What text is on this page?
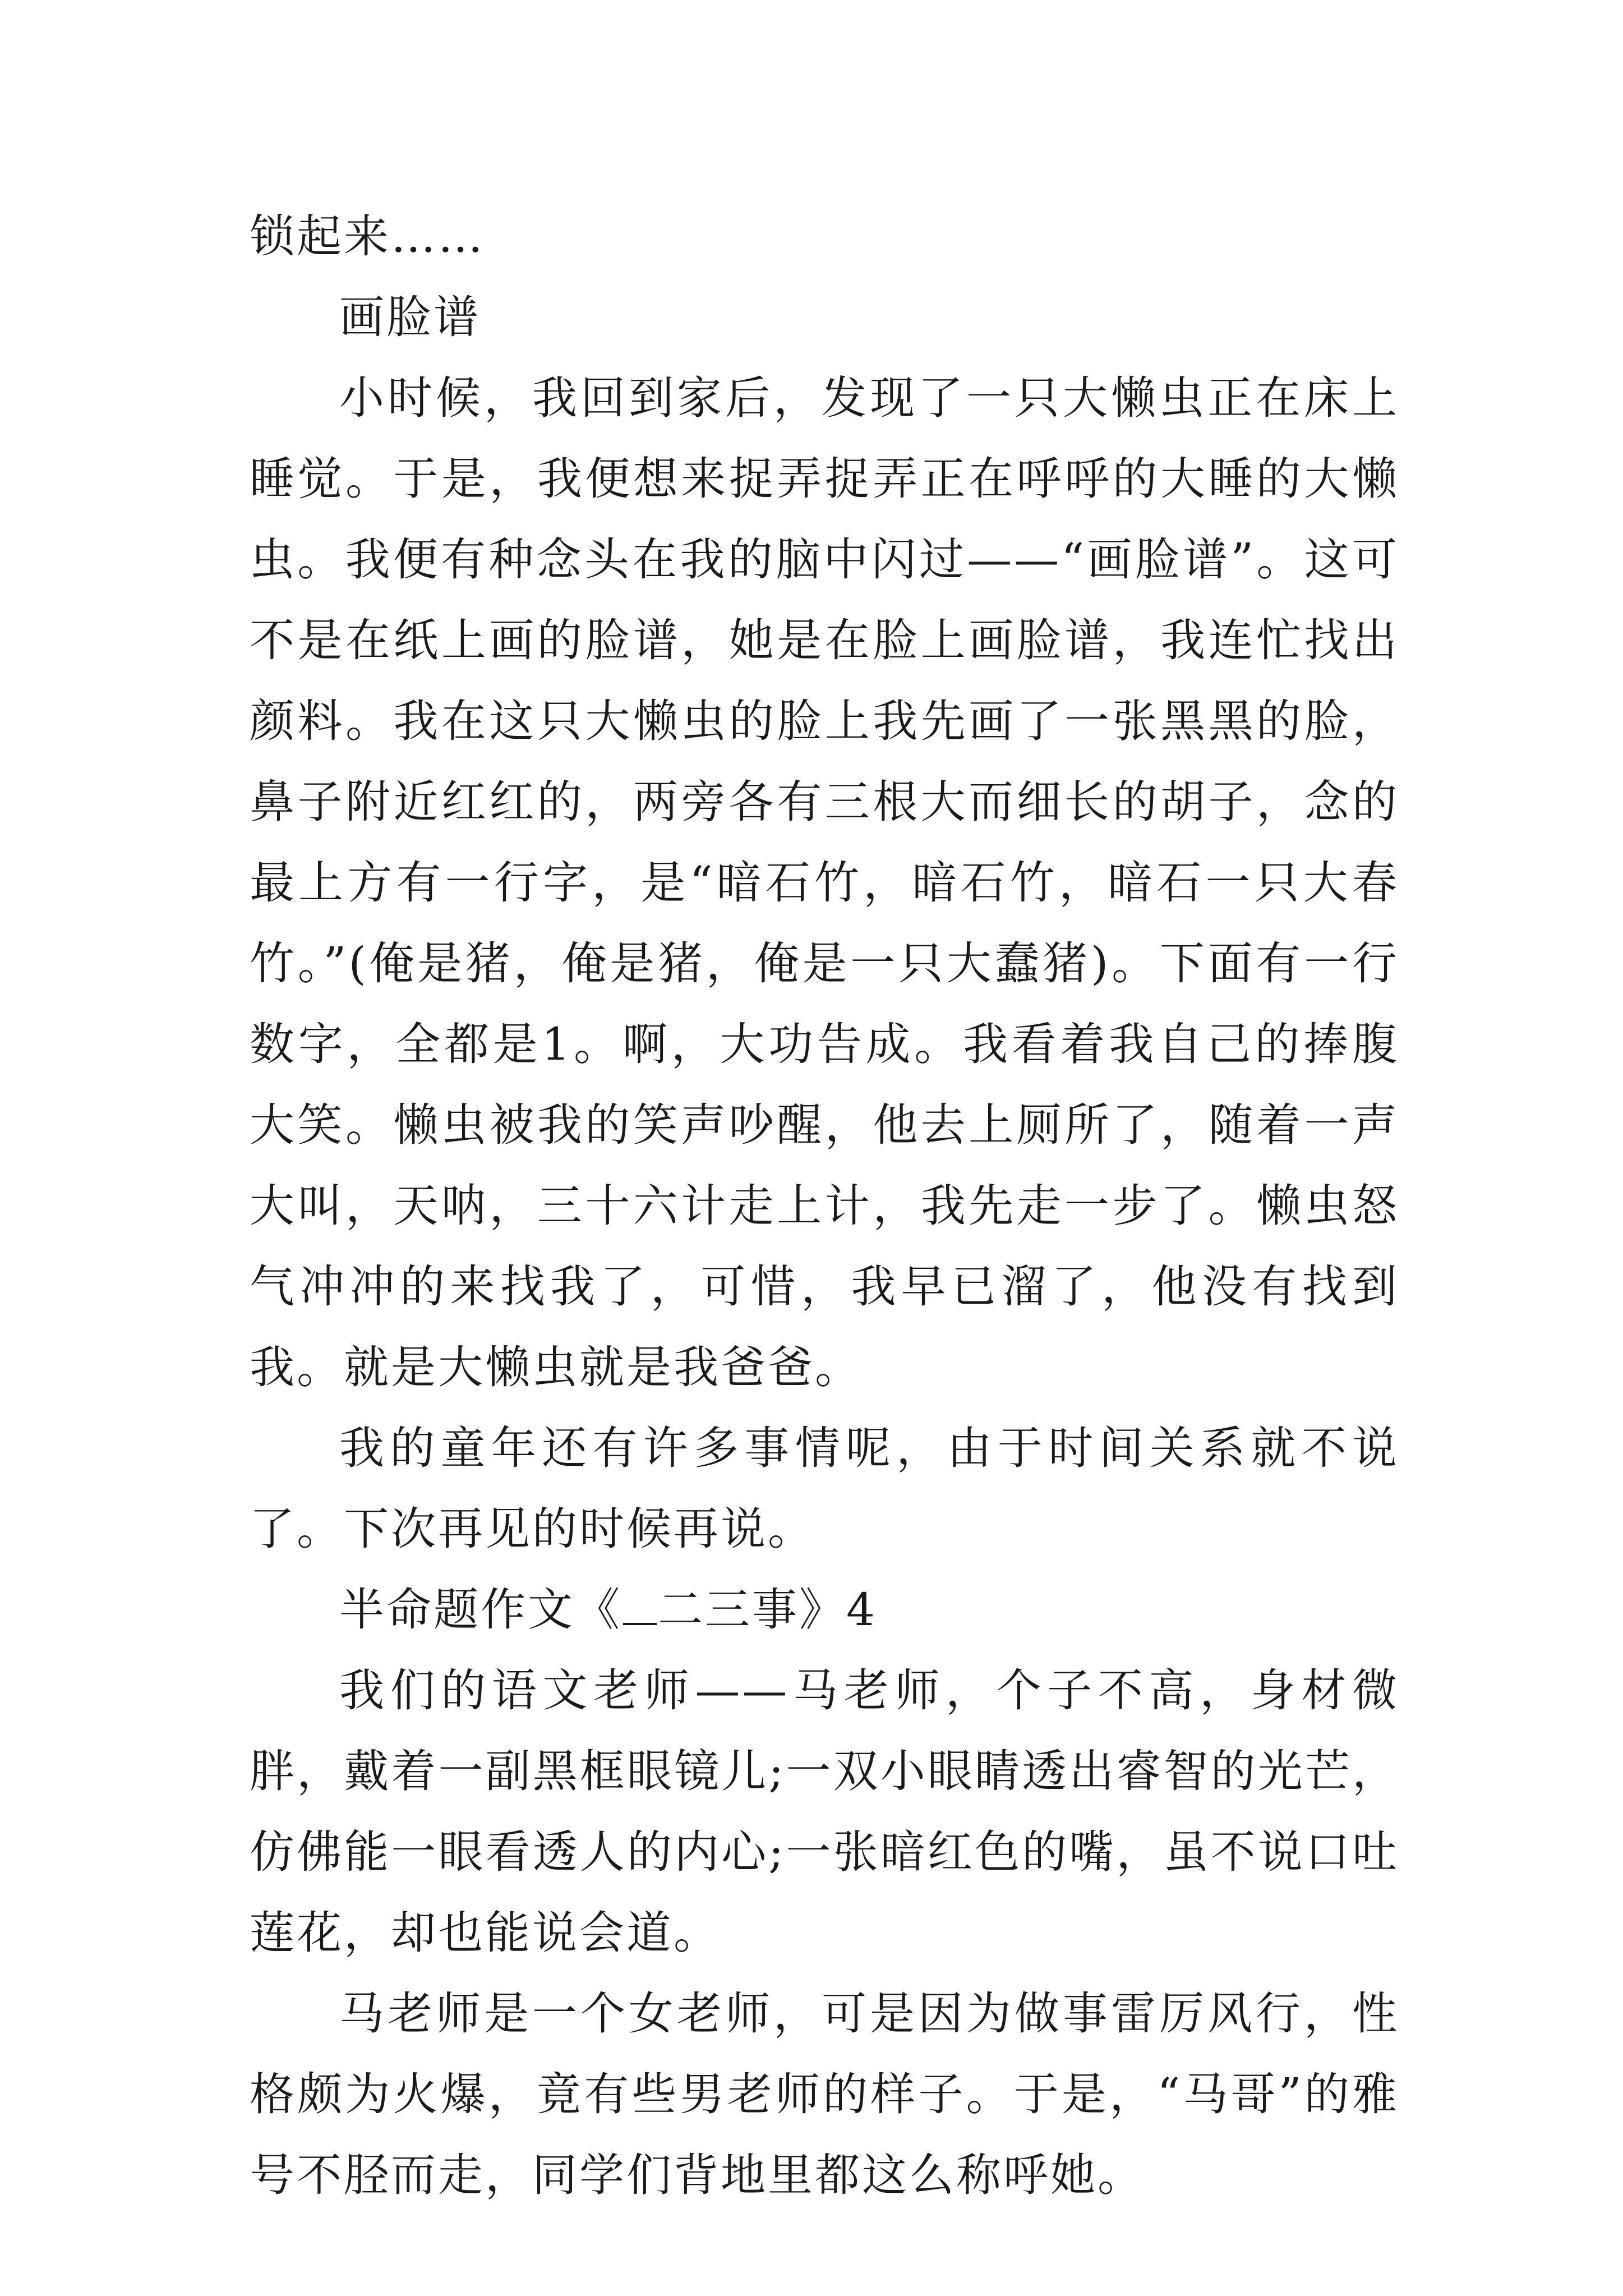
锁起来……

画脸谱

小时候，我回到家后，发现了一只大懒虫正在床上睡觉。于是，我便想来捉弄捉弄正在呼呼的大睡的大懒虫。我便有种念头在我的脑中闪过——“画脸谱”。这可不是在纸上画的脸谱，她是在脸上画脸谱，我连忙找出颜料。我在这只大懒虫的脸上我先画了一张黑黑的脸，鼻子附近红红的，两旁各有三根大而细长的胡子，念的最上方有一行字，是“暗石竹，暗石竹，暗石一只大春竹。”(俺是猪，俺是猪，俺是一只大蠢猪)。下面有一行数字，全都是1。啊，大功告成。我看着我自己的捧腹大笑。懒虫被我的笑声吵醒，他去上厕所了，随着一声大叫，天呐，三十六计走上计，我先走一步了。懒虫怒气冲冲的来找我了，可惜，我早已溜了，他没有找到我。就是大懒虫就是我爸爸。

我的童年还有许多事情呢，由于时间关系就不说了。下次再见的时候再说。

半命题作文《 二三事》4

我们的语文老师——马老师，个子不高，身材微胖，戴着一副黑框眼镜儿;一双小眼睛透出睿智的光芒，仿佛能一眼看透人的内心;一张暗红色的嘴，虽不说口吐莲花，却也能说会道。

马老师是一个女老师，可是因为做事雷厉风行，性格颇为火爆，竟有些男老师的样子。于是，“马哥”的雅号不胫而走，同学们背地里都这么称呼她。
